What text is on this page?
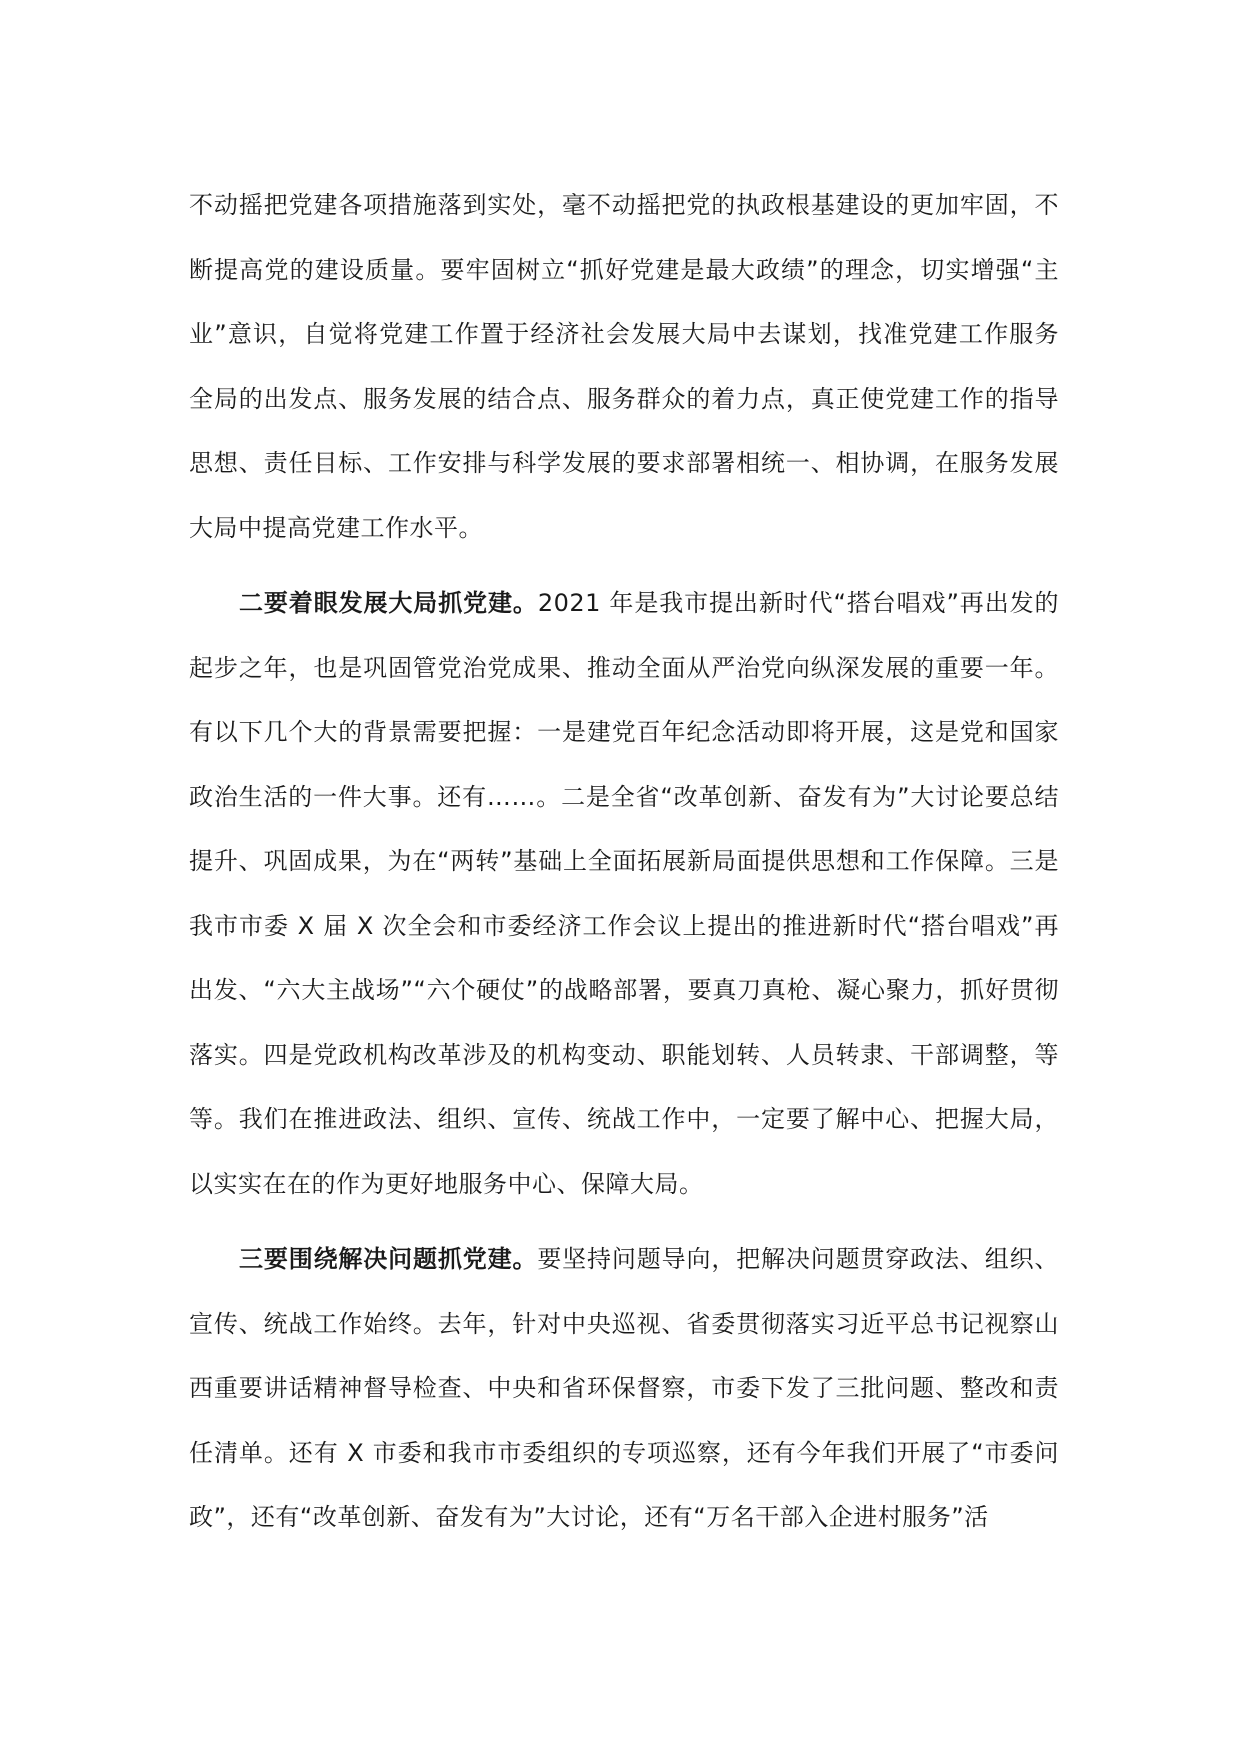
不动摇把党建各项措施落到实处，毫不动摇把党的执政根基建设的更加牢固，不断提高党的建设质量。要牢固树立“抓好党建是最大政绩”的理念，切实增强“主业”意识，自觉将党建工作置于经济社会发展大局中去谋划，找准党建工作服务全局的出发点、服务发展的结合点、服务群众的着力点，真正使党建工作的指导思想、责任目标、工作安排与科学发展的要求部署相统一、相协调，在服务发展大局中提高党建工作水平。

二要着眼发展大局抓党建。2021 年是我市提出新时代“搭台唱戏”再出发的起步之年，也是巩固管党治党成果、推动全面从严治党向纵深发展的重要一年。有以下几个大的背景需要把握：一是建党百年纪念活动即将开展，这是党和国家政治生活的一件大事。还有……。二是全省“改革创新、奋发有为”大讨论要总结提升、巩固成果，为在“两转”基础上全面拓展新局面提供思想和工作保障。三是我市市委 X 届 X 次全会和市委经济工作会议上提出的推进新时代“搭台唱戏”再出发、“六大主战场”“六个硬仗”的战略部署，要真刀真枪、凝心聚力，抓好贯彻落实。四是党政机构改革涉及的机构变动、职能划转、人员转隶、干部调整，等等。我们在推进政法、组织、宣传、统战工作中，一定要了解中心、把握大局，以实实在在的作为更好地服务中心、保障大局。

三要围绕解决问题抓党建。要坚持问题导向，把解决问题贯穿政法、组织、宣传、统战工作始终。去年，针对中央巡视、省委贯彻落实习近平总书记视察山西重要讲话精神督导检查、中央和省环保督察，市委下发了三批问题、整改和责任清单。还有 X 市委和我市市委组织的专项巡察，还有今年我们开展了“市委问政”，还有“改革创新、奋发有为”大讨论，还有“万名干部入企进村服务”活
